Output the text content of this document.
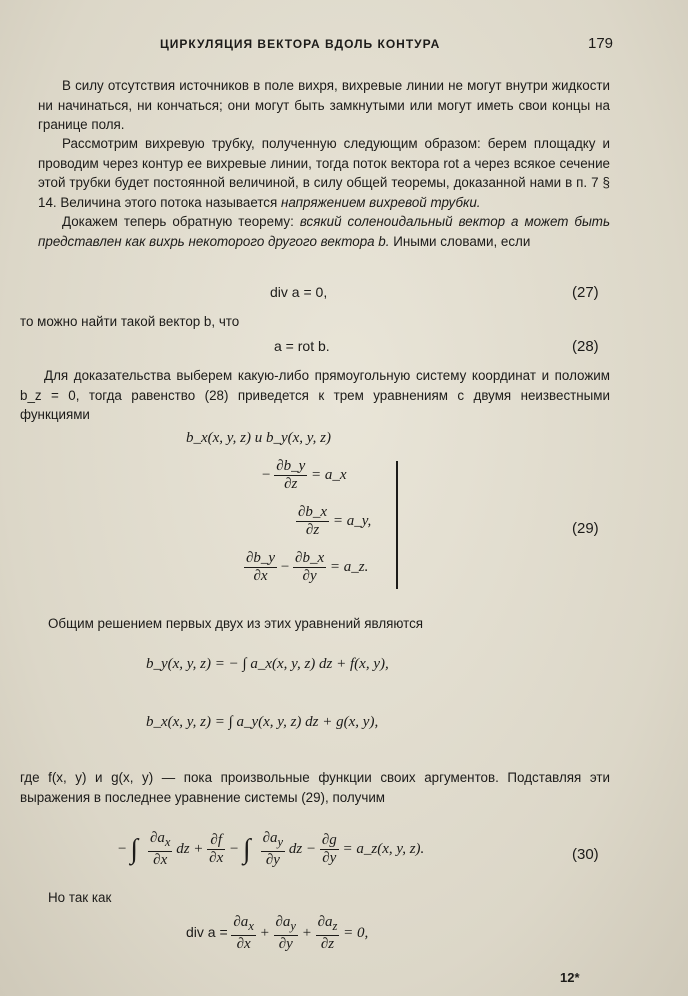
ЦИРКУЛЯЦИЯ ВЕКТОРА ВДОЛЬ КОНТУРА	179
В силу отсутствия источников в поле вихря, вихревые линии не могут внутри жидкости ни начинаться, ни кончаться; они могут быть замкнутыми или могут иметь свои концы на границе поля.
Рассмотрим вихревую трубку, полученную следующим образом: берем площадку и проводим через контур ее вихревые линии, тогда поток вектора rot a через всякое сечение этой трубки будет постоянной величиной, в силу общей теоремы, доказанной нами в п. 7 § 14. Величина этого потока называется напряжением вихревой трубки.
Докажем теперь обратную теорему: всякий соленоидальный вектор a может быть представлен как вихрь некоторого другого вектора b. Иными словами, если
div a = 0,	(27)
то можно найти такой вектор b, что
a = rot b.	(28)
Для доказательства выберем какую-либо прямоугольную систему координат и положим b_z = 0, тогда равенство (28) приведется к трем уравнениям с двумя неизвестными функциями
b_x(x, y, z) и b_y(x, y, z)
− $\frac{\partial b\_y}{\partial z}$ = a_x
$\frac{\partial b\_x}{\partial z}$ = a_y,
$\frac{\partial b\_y}{\partial x} - \frac{\partial b\_x}{\partial y}$ = a_z.
(29)
Общим решением первых двух из этих уравнений являются
b_y(x, y, z) = − ∫ a_x(x, y, z) dz + f(x, y),
b_x(x, y, z) = ∫ a_y(x, y, z) dz + g(x, y),
где f(x, y) и g(x, y) — пока произвольные функции своих аргументов. Подставляя эти выражения в последнее уравнение системы (29), получим
− ∫ $\frac{\partial a_x}{\partial x}$ dz + $\frac{\partial f}{\partial x}$ − ∫ $\frac{\partial a_y}{\partial y}$ dz − $\frac{\partial g}{\partial y}$ = a_z(x, y, z).	(30)
Но так как
div $a = \frac{\partial a_x}{\partial x} + \frac{\partial a_y}{\partial y} + \frac{\partial a_z}{\partial z} = 0$,
12*
